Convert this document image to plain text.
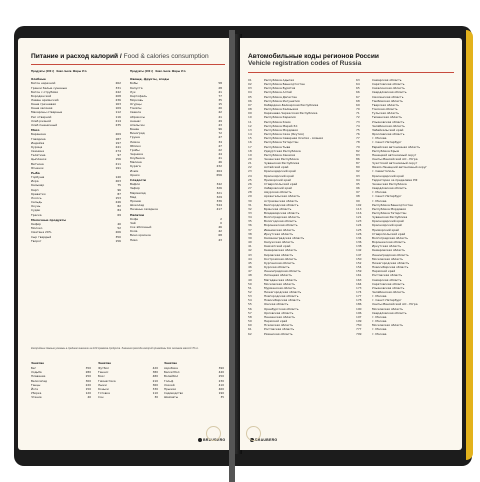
Питание и расход калорий / Food & calories consumption
Продукты (100 г) Ккал. Белк. Жиры Угл.	Продукты (100 г) Ккал. Белк. Жиры Угл.
Хлебные
Батон нарезной	262
Гренки белые сушеные	331
Батон с отрубями	242
Бородинский	208
Лаваш армянский	236
Каша гречневая	163
Каша овсяная	109
Макароны отварные	112
Рис отварной	116
Хлеб ржаной	214
Хлеб пшеничный	235
Мясо
Баранина	209
Говядина	187
Индейка	197
Курица	241
Свинина	274
Телятина	97
Цыпленок	156
Ветчина	211
Ягненок	191
Рыба
Горбуша	140
Икра	263
Кальмар	75
Карп	96
Креветки	87
Лосось	153
Сельдь	246
Окунь	82
Судак	84
Треска	69
Молочные продукты
Кефир	40
Молоко	52
Сметана 20%	206
Сыр твердый	350
Творог	156
Овощи, фрукты, ягоды
Бобы	58
Капуста	28
Лук	41
Картофель	77
Морковь	35
Огурцы	15
Томаты	20
Свекла	42
Абрикосы	41
Ананас	49
Апельсин	43
Банан	96
Виноград	72
Груша	47
Лимон	34
Яблоко	47
Грибы	22
Черника	44
Клубника	41
Малина	46
Курага	232
Изюм	264
Орехи	656
Сладости
Вафли	342
Зефир	326
Мармелад	321
Мед	329
Пряник	336
Шоколад	544
Печенье сахарное	417
Напитки
Кофе	2
Чай	0
Сок яблочный	46
Кола	42
Вино красное	68
Пиво	43
Калорийные данные указаны в среднем значении на 100 граммов продукта. Значения расхода калорий приведены для человека массой 70 кг.
Занятие
Бег	350
Ходьба	280
Плавание	250
Велосипед	300
Танцы	220
Йога	150
Уборка	120
Чтение	40
Занятие
Футбол	420
Теннис	380
Бокс	480
Гимнастика	210
Лыжи	360
Коньки	330
Готовка	110
Сон	30
Занятие
Аэробика	390
Баскетбол	440
Волейбол	250
Гольф	230
Хоккей	410
Прыжки	460
Садоводство	190
Шахматы	35
BRAUBERG
Автомобильные коды регионов России
Vehicle registration codes of Russia
01	Республика Адыгея
02	Республика Башкортостан
03	Республика Бурятия
04	Республика Алтай
05	Республика Дагестан
06	Республика Ингушетия
07	Кабардино-Балкарская Республика
08	Республика Калмыкия
09	Карачаево-Черкесская Республика
10	Республика Карелия
11	Республика Коми
12	Республика Марий Эл
13	Республика Мордовия
14	Республика Саха (Якутия)
15	Республика Северная Осетия - Алания
16	Республика Татарстан
17	Республика Тыва
18	Удмуртская Республика
19	Республика Хакасия
20	Чеченская Республика
21	Чувашская Республика
22	Алтайский край
23	Краснодарский край
24	Красноярский край
25	Приморский край
26	Ставропольский край
27	Хабаровский край
28	Амурская область
29	Архангельская область
30	Астраханская область
31	Белгородская область
32	Брянская область
33	Владимирская область
34	Волгоградская область
35	Вологодская область
36	Воронежская область
37	Ивановская область
38	Иркутская область
39	Калининградская область
40	Калужская область
41	Камчатский край
42	Кемеровская область
43	Кировская область
44	Костромская область
45	Курганская область
46	Курская область
47	Ленинградская область
48	Липецкая область
49	Магаданская область
50	Московская область
51	Мурманская область
52	Нижегородская область
53	Новгородская область
54	Новосибирская область
55	Омская область
56	Оренбургская область
57	Орловская область
58	Пензенская область
59	Пермский край
60	Псковская область
61	Ростовская область
62	Рязанская область
63	Самарская область
64	Саратовская область
65	Сахалинская область
66	Свердловская область
67	Смоленская область
68	Тамбовская область
69	Тверская область
70	Томская область
71	Тульская область
72	Тюменская область
73	Ульяновская область
74	Челябинская область
75	Забайкальский край
76	Ярославская область
77	г. Москва
78	г. Санкт-Петербург
79	Еврейская автономная область
82	Республика Крым
83	Ненецкий автономный округ
86	Ханты-Мансийский АО - Югра
87	Чукотский автономный округ
89	Ямало-Ненецкий автономный округ
92	г. Севастополь
93	Краснодарский край
94	Территории за пределами РФ
95	Чеченская Республика
96	Свердловская область
97	г. Москва
98	г. Санкт-Петербург
99	г. Москва
102	Республика Башкортостан
113	Республика Мордовия
116	Республика Татарстан
121	Чувашская Республика
123	Краснодарский край
124	Красноярский край
125	Приморский край
126	Ставропольский край
134	Волгоградская область
136	Воронежская область
138	Иркутская область
142	Кемеровская область
147	Ленинградская область
150	Московская область
152	Нижегородская область
154	Новосибирская область
159	Пермский край
161	Ростовская область
163	Самарская область
164	Саратовская область
173	Ульяновская область
174	Челябинская область
177	г. Москва
178	г. Санкт-Петербург
186	Ханты-Мансийский АО - Югра
190	Московская область
196	Свердловская область
197	г. Москва
199	г. Москва
750	Московская область
777	г. Москва
799	г. Москва
BRAUBERG
